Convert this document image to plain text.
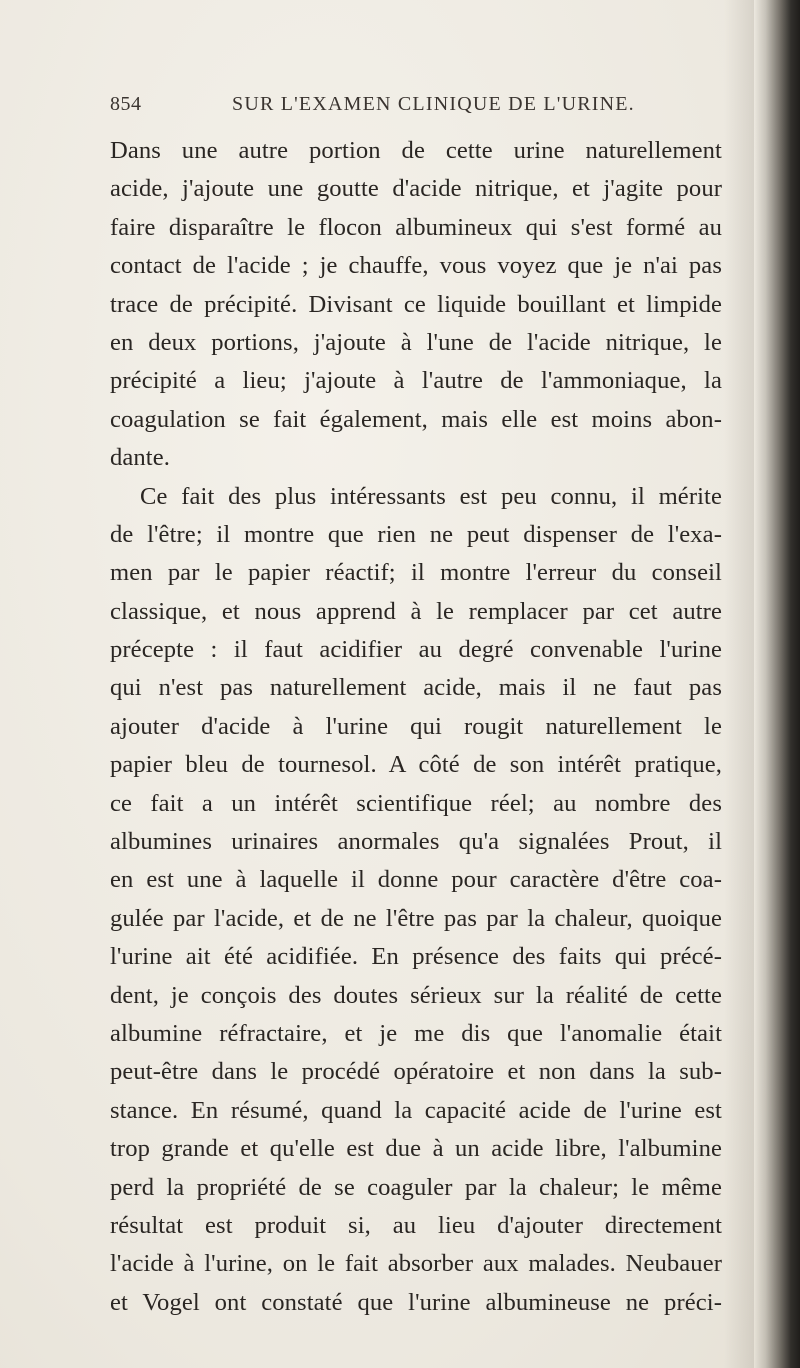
854	SUR L'EXAMEN CLINIQUE DE L'URINE.
Dans une autre portion de cette urine naturellement
acide, j'ajoute une goutte d'acide nitrique, et j'agite pour
faire disparaître le flocon albumineux qui s'est formé au
contact de l'acide ; je chauffe, vous voyez que je n'ai pas
trace de précipité. Divisant ce liquide bouillant et limpide
en deux portions, j'ajoute à l'une de l'acide nitrique, le
précipité a lieu; j'ajoute à l'autre de l'ammoniaque, la
coagulation se fait également, mais elle est moins abon-
dante.
Ce fait des plus intéressants est peu connu, il mérite
de l'être; il montre que rien ne peut dispenser de l'exa-
men par le papier réactif; il montre l'erreur du conseil
classique, et nous apprend à le remplacer par cet autre
précepte : il faut acidifier au degré convenable l'urine
qui n'est pas naturellement acide, mais il ne faut pas
ajouter d'acide à l'urine qui rougit naturellement le
papier bleu de tournesol. A côté de son intérêt pratique,
ce fait a un intérêt scientifique réel; au nombre des
albumines urinaires anormales qu'a signalées Prout, il
en est une à laquelle il donne pour caractère d'être coa-
gulée par l'acide, et de ne l'être pas par la chaleur, quoique
l'urine ait été acidifiée. En présence des faits qui précé-
dent, je conçois des doutes sérieux sur la réalité de cette
albumine réfractaire, et je me dis que l'anomalie était
peut-être dans le procédé opératoire et non dans la sub-
stance. En résumé, quand la capacité acide de l'urine est
trop grande et qu'elle est due à un acide libre, l'albumine
perd la propriété de se coaguler par la chaleur; le même
résultat est produit si, au lieu d'ajouter directement
l'acide à l'urine, on le fait absorber aux malades. Neubauer
et Vogel ont constaté que l'urine albumineuse ne préci-
